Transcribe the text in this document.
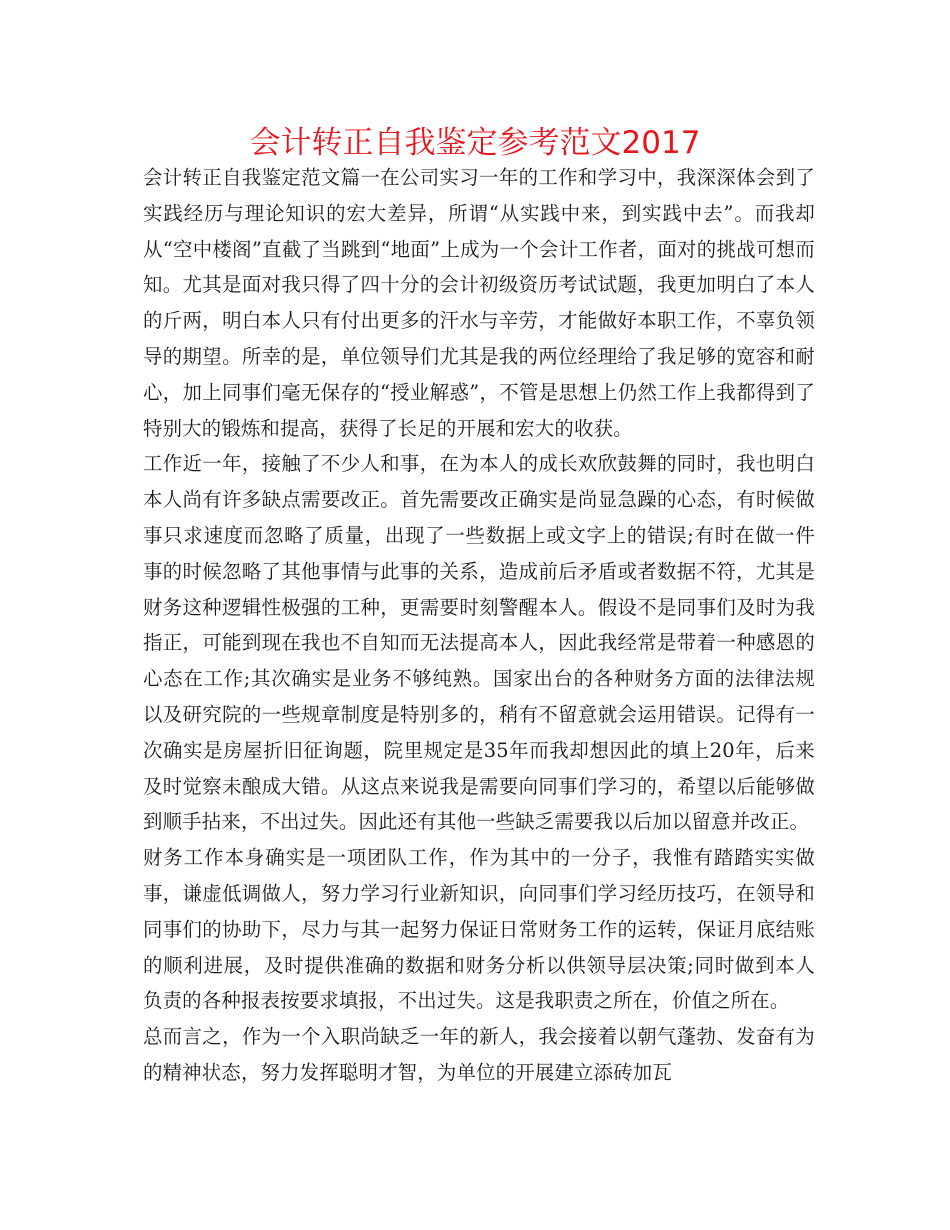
会计转正自我鉴定参考范文2017

会计转正自我鉴定范文篇一在公司实习一年的工作和学习中，我深深体会到了实践经历与理论知识的宏大差异，所谓“从实践中来，到实践中去”。而我却从“空中楼阁”直截了当跳到“地面”上成为一个会计工作者，面对的挑战可想而知。尤其是面对我只得了四十分的会计初级资历考试试题，我更加明白了本人的斤两，明白本人只有付出更多的汗水与辛劳，才能做好本职工作，不辜负领导的期望。所幸的是，单位领导们尤其是我的两位经理给了我足够的宽容和耐心，加上同事们毫无保存的“授业解惑”，不管是思想上仍然工作上我都得到了特别大的锻炼和提高，获得了长足的开展和宏大的收获。

工作近一年，接触了不少人和事，在为本人的成长欢欣鼓舞的同时，我也明白本人尚有许多缺点需要改正。首先需要改正确实是尚显急躁的心态，有时候做事只求速度而忽略了质量，出现了一些数据上或文字上的错误;有时在做一件事的时候忽略了其他事情与此事的关系，造成前后矛盾或者数据不符，尤其是财务这种逻辑性极强的工种，更需要时刻警醒本人。假设不是同事们及时为我指正，可能到现在我也不自知而无法提高本人，因此我经常是带着一种感恩的心态在工作;其次确实是业务不够纯熟。国家出台的各种财务方面的法律法规以及研究院的一些规章制度是特别多的，稍有不留意就会运用错误。记得有一次确实是房屋折旧征询题，院里规定是35年而我却想因此的填上20年，后来及时觉察未酿成大错。从这点来说我是需要向同事们学习的，希望以后能够做到顺手拈来，不出过失。因此还有其他一些缺乏需要我以后加以留意并改正。

财务工作本身确实是一项团队工作，作为其中的一分子，我惟有踏踏实实做事，谦虚低调做人，努力学习行业新知识，向同事们学习经历技巧，在领导和同事们的协助下，尽力与其一起努力保证日常财务工作的运转，保证月底结账的顺利进展，及时提供准确的数据和财务分析以供领导层决策;同时做到本人负责的各种报表按要求填报，不出过失。这是我职责之所在，价值之所在。

总而言之，作为一个入职尚缺乏一年的新人，我会接着以朝气蓬勃、发奋有为的精神状态，努力发挥聪明才智，为单位的开展建立添砖加瓦
